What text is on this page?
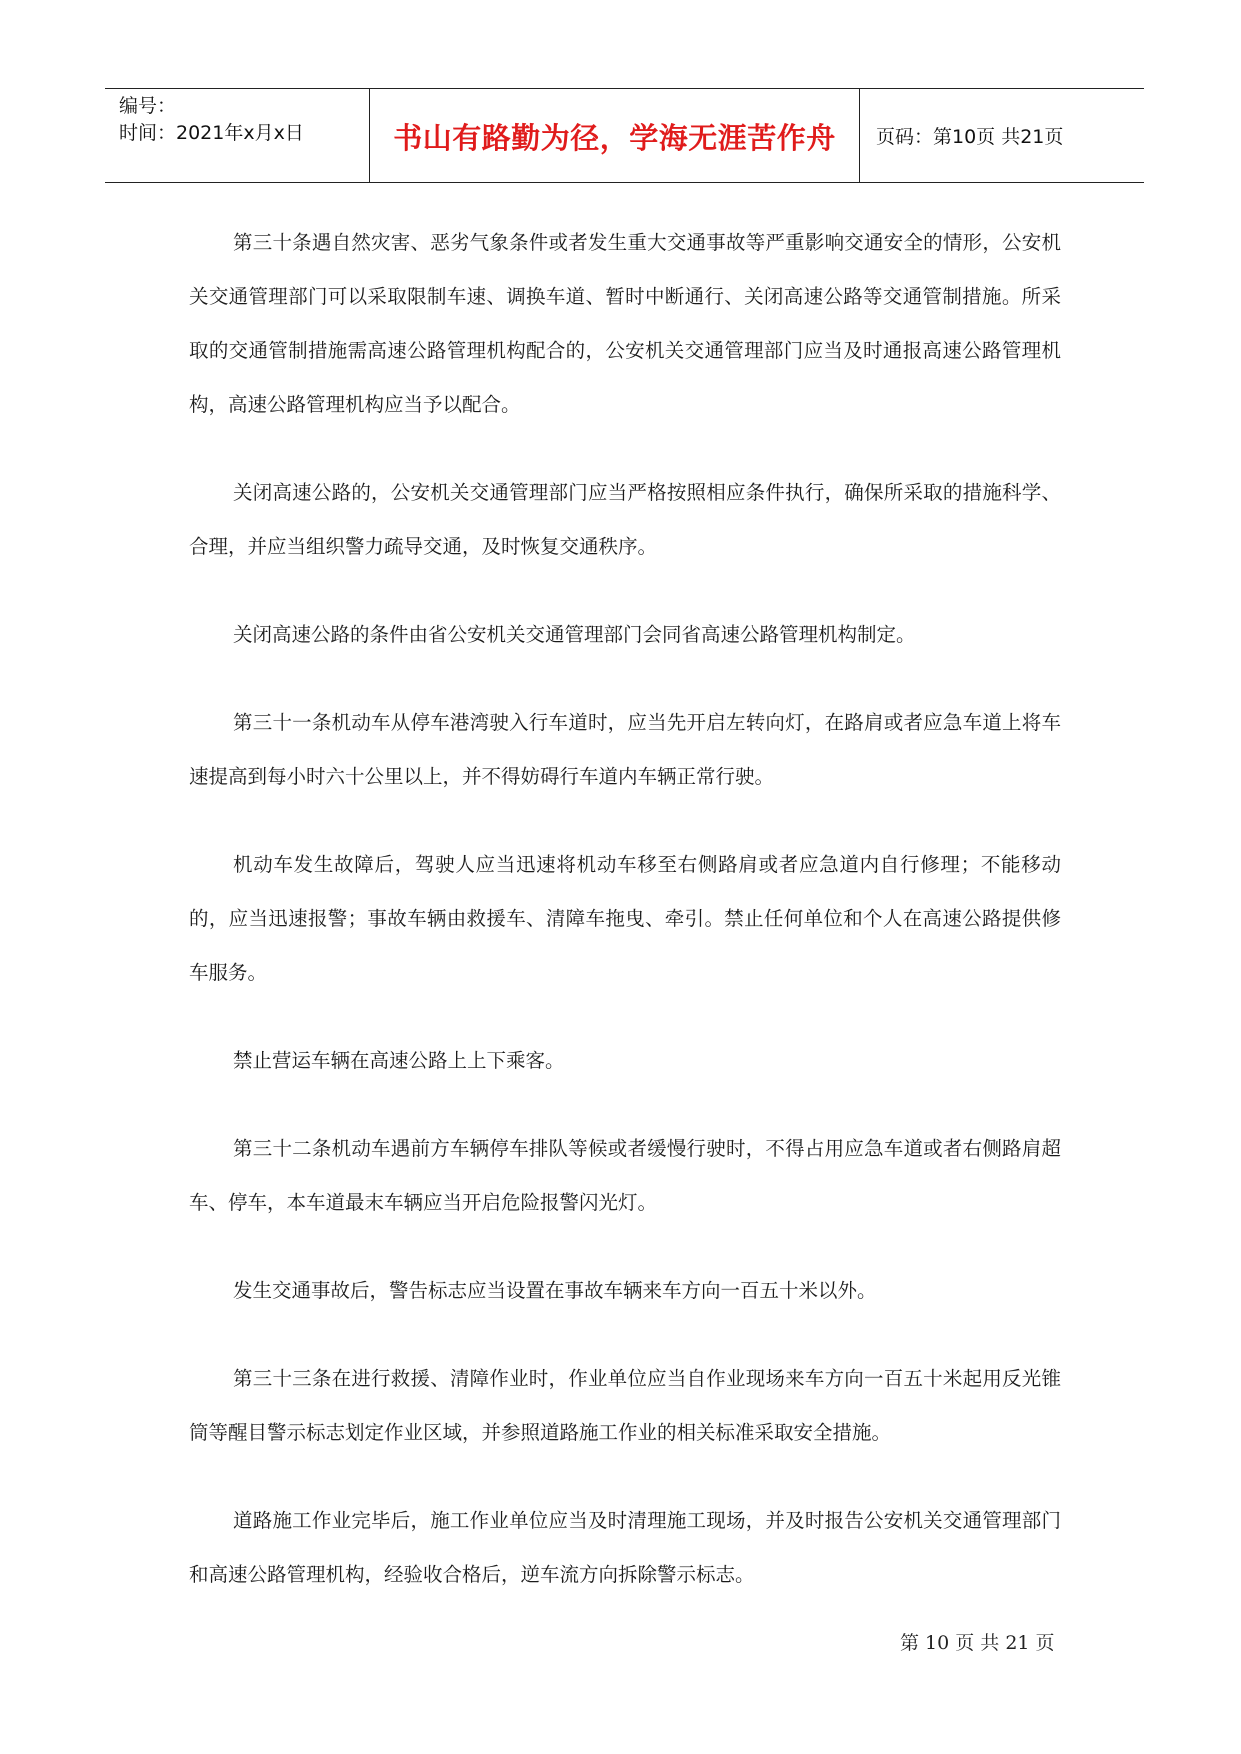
编号：
时间：2021年x月x日	书山有路勤为径，学海无涯苦作舟	页码：第10页 共21页

第三十条遇自然灾害、恶劣气象条件或者发生重大交通事故等严重影响交通安全的情形，公安机关交通管理部门可以采取限制车速、调换车道、暂时中断通行、关闭高速公路等交通管制措施。所采取的交通管制措施需高速公路管理机构配合的，公安机关交通管理部门应当及时通报高速公路管理机构，高速公路管理机构应当予以配合。

关闭高速公路的，公安机关交通管理部门应当严格按照相应条件执行，确保所采取的措施科学、合理，并应当组织警力疏导交通，及时恢复交通秩序。

关闭高速公路的条件由省公安机关交通管理部门会同省高速公路管理机构制定。

第三十一条机动车从停车港湾驶入行车道时，应当先开启左转向灯，在路肩或者应急车道上将车速提高到每小时六十公里以上，并不得妨碍行车道内车辆正常行驶。

机动车发生故障后，驾驶人应当迅速将机动车移至右侧路肩或者应急道内自行修理；不能移动的，应当迅速报警；事故车辆由救援车、清障车拖曳、牵引。禁止任何单位和个人在高速公路提供修车服务。

禁止营运车辆在高速公路上上下乘客。

第三十二条机动车遇前方车辆停车排队等候或者缓慢行驶时，不得占用应急车道或者右侧路肩超车、停车，本车道最末车辆应当开启危险报警闪光灯。

发生交通事故后，警告标志应当设置在事故车辆来车方向一百五十米以外。

第三十三条在进行救援、清障作业时，作业单位应当自作业现场来车方向一百五十米起用反光锥筒等醒目警示标志划定作业区域，并参照道路施工作业的相关标准采取安全措施。

道路施工作业完毕后，施工作业单位应当及时清理施工现场，并及时报告公安机关交通管理部门和高速公路管理机构，经验收合格后，逆车流方向拆除警示标志。

第 10 页 共 21 页
